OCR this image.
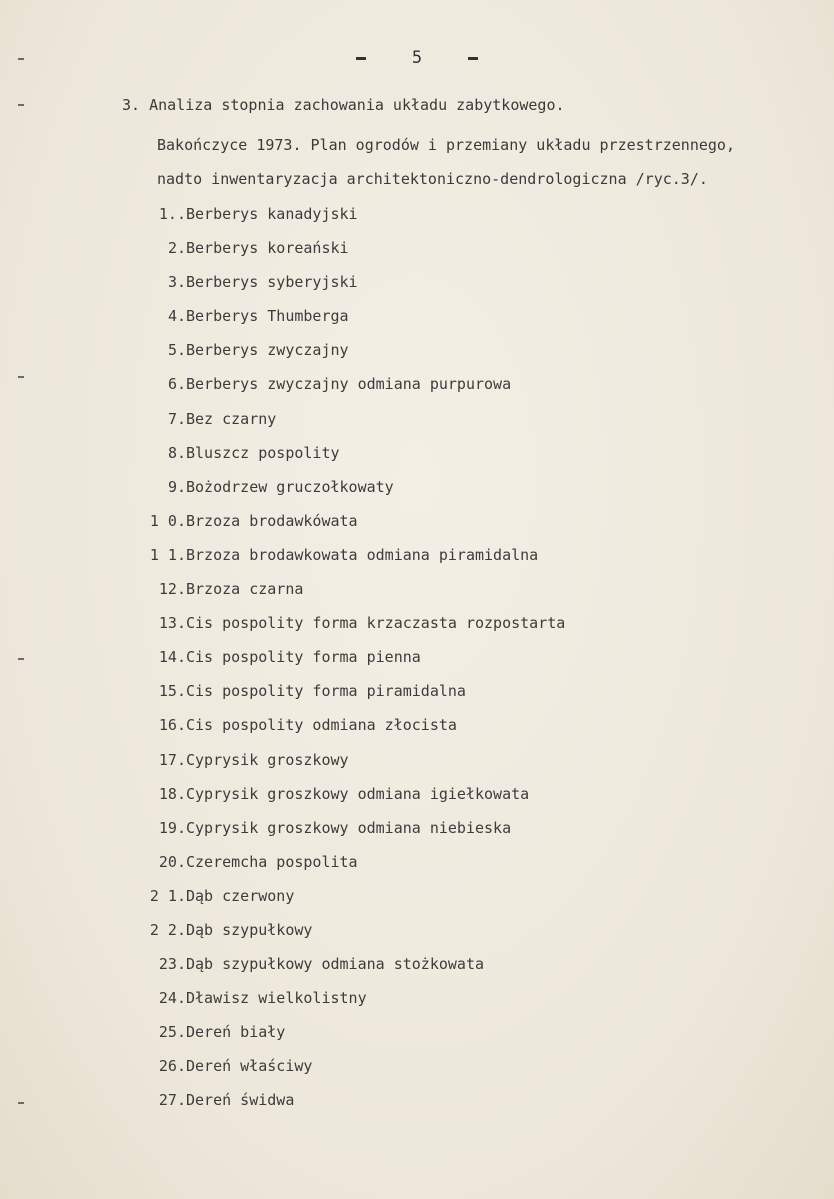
5
3. Analiza stopnia zachowania układu zabytkowego.
Bakończyce 1973. Plan ogrodów i przemiany układu przestrzennego,
nadto inwentaryzacja architektoniczno-dendrologiczna /ryc.3/.
1..Berberys kanadyjski
2.Berberys koreański
3.Berberys syberyjski
4.Berberys Thumberga
5.Berberys zwyczajny
6.Berberys zwyczajny odmiana purpurowa
7.Bez czarny
8.Bluszcz pospolity
9.Bożodrzew gruczołkowaty
1 0.Brzoza brodawkówata
1 1.Brzoza brodawkowata odmiana piramidalna
12.Brzoza czarna
13.Cis pospolity forma krzaczasta rozpostarta
14.Cis pospolity forma pienna
15.Cis pospolity forma piramidalna
16.Cis pospolity odmiana złocista
17.Cyprysik groszkowy
18.Cyprysik groszkowy odmiana igiełkowata
19.Cyprysik groszkowy odmiana niebieska
20.Czeremcha pospolita
2 1.Dąb czerwony
2 2.Dąb szypułkowy
23.Dąb szypułkowy odmiana stożkowata
24.Dławisz wielkolistny
25.Dereń biały
26.Dereń właściwy
27.Dereń świdwa
